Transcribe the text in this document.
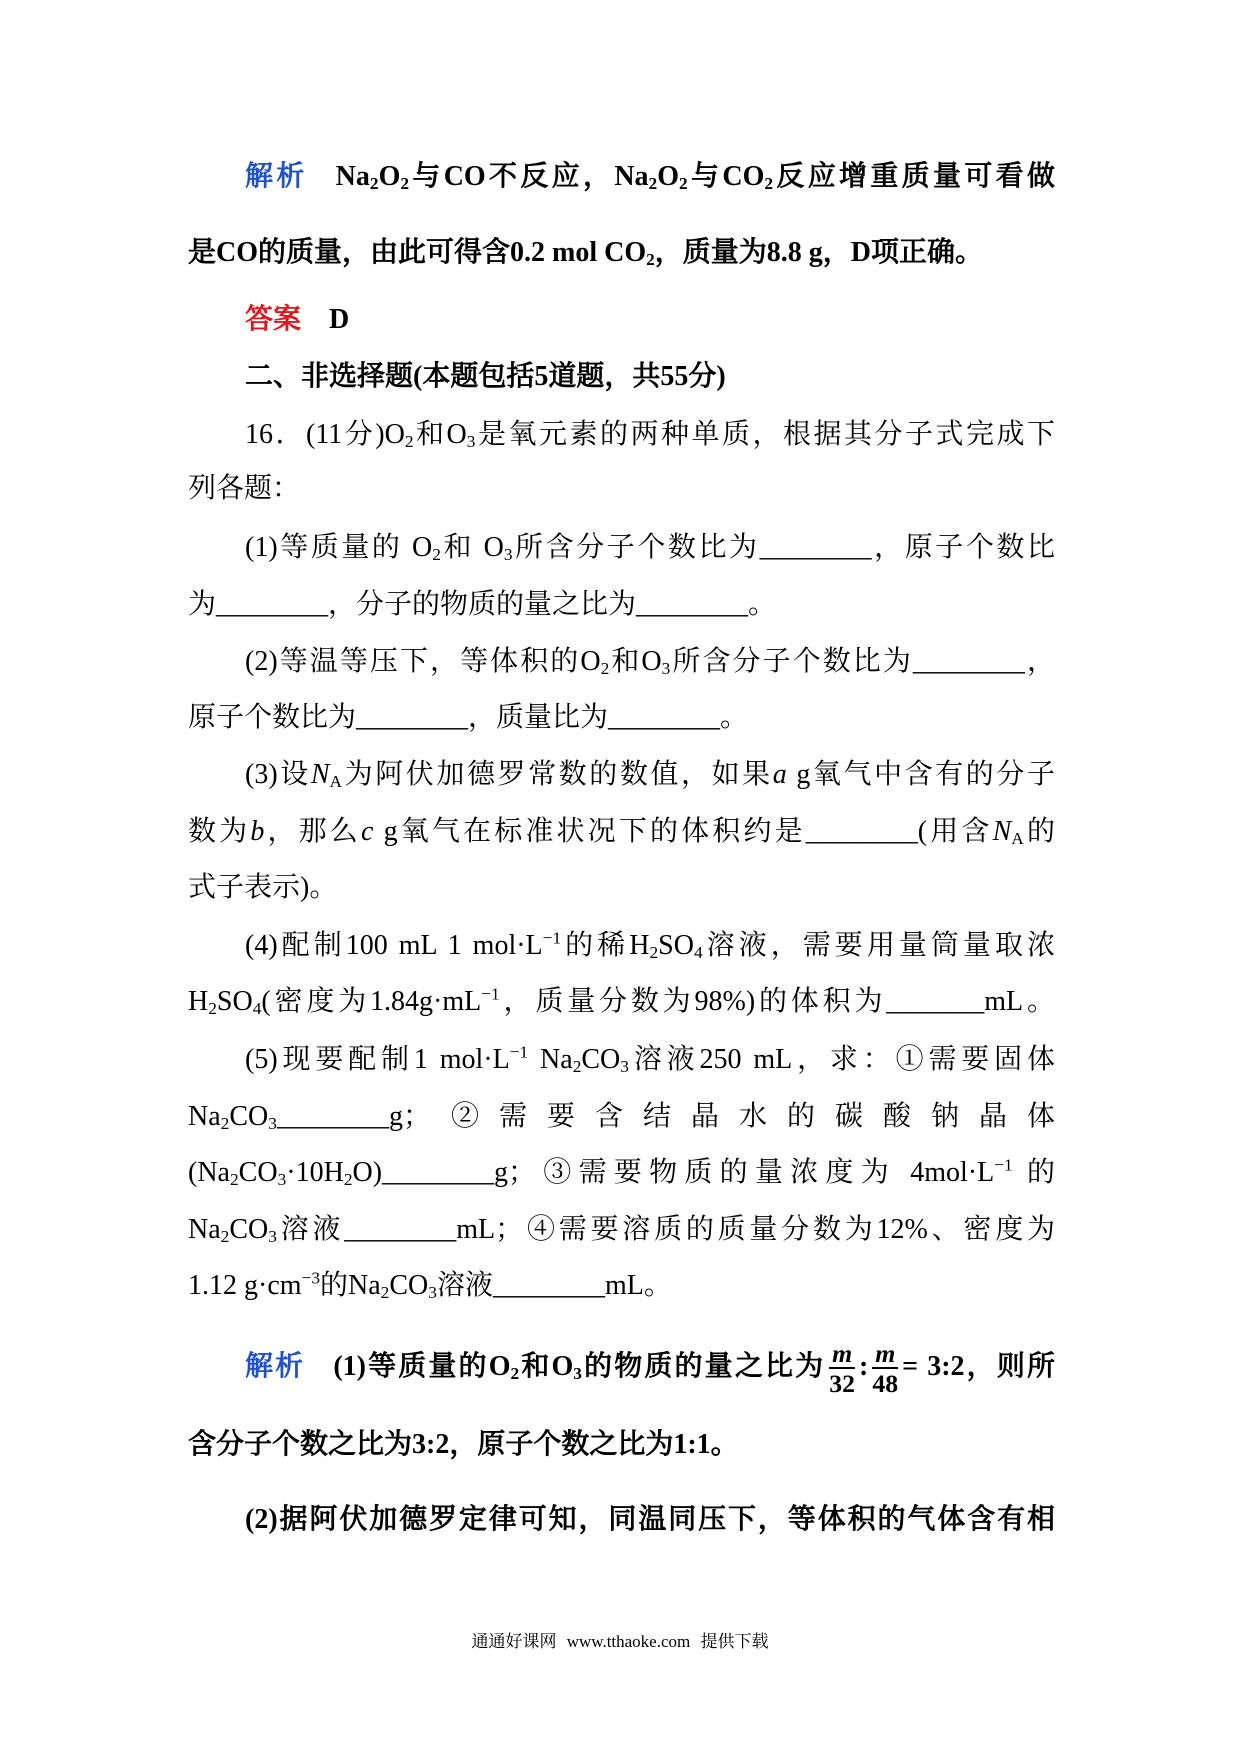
解析 $Na_2O_2$与CO不反应，$Na_2O_2$与$CO_2$反应增重质量可看做
是CO的质量，由此可得含0.2 mol $CO_2$，质量为8.8 g，D项正确。
答案 D
二、非选择题(本题包括5道题，共55分)
16．(11分)$O_2$和$O_3$是氧元素的两种单质，根据其分子式完成下
列各题：
(1)等质量的 $O_2$和 $O_3$所含分子个数比为________，原子个数比
为________，分子的物质的量之比为________。
(2)等温等压下，等体积的$O_2$和$O_3$所含分子个数比为________，
原子个数比为________，质量比为________。
(3)设$N_A$为阿伏加德罗常数的数值，如果a g氧气中含有的分子
数为b，那么c g氧气在标准状况下的体积约是________(用含$N_A$的
式子表示)。
(4)配制100 mL 1 $mol\cdot L^{-1}$的稀$H_2SO_4$溶液，需要用量筒量取浓
$H_2SO_4$(密度为$1.84g\cdot mL^{-1}$，质量分数为98%)的体积为_______mL。
(5)现要配制1 $mol\cdot L^{-1}$ $Na_2CO_3$溶液250 mL，求：①需要固体
$Na_2CO_3\_\_\_\_\_\_\_\_g$；②需要含结晶水的碳酸钠晶体
$(Na_2CO_3\cdot 10H_2O)\_\_\_\_\_\_\_\_g$；③需要物质的量浓度为 $4mol\cdot L^{-1}$ 的
$Na_2CO_3$溶液________mL；④需要溶质的质量分数为12%、密度为
1.12 $g\cdot cm^{-3}$的$Na_2CO_3$溶液________mL。
解析 (1)等质量的$O_2$和$O_3$的物质的量之比为 $\frac{m}{32}$ : $\frac{m}{48}$ = 3:2，则所
含分子个数之比为3:2，原子个数之比为1:1。
(2)据阿伏加德罗定律可知，同温同压下，等体积的气体含有相
通通好课网 www.tthaoke.com 提供下载
